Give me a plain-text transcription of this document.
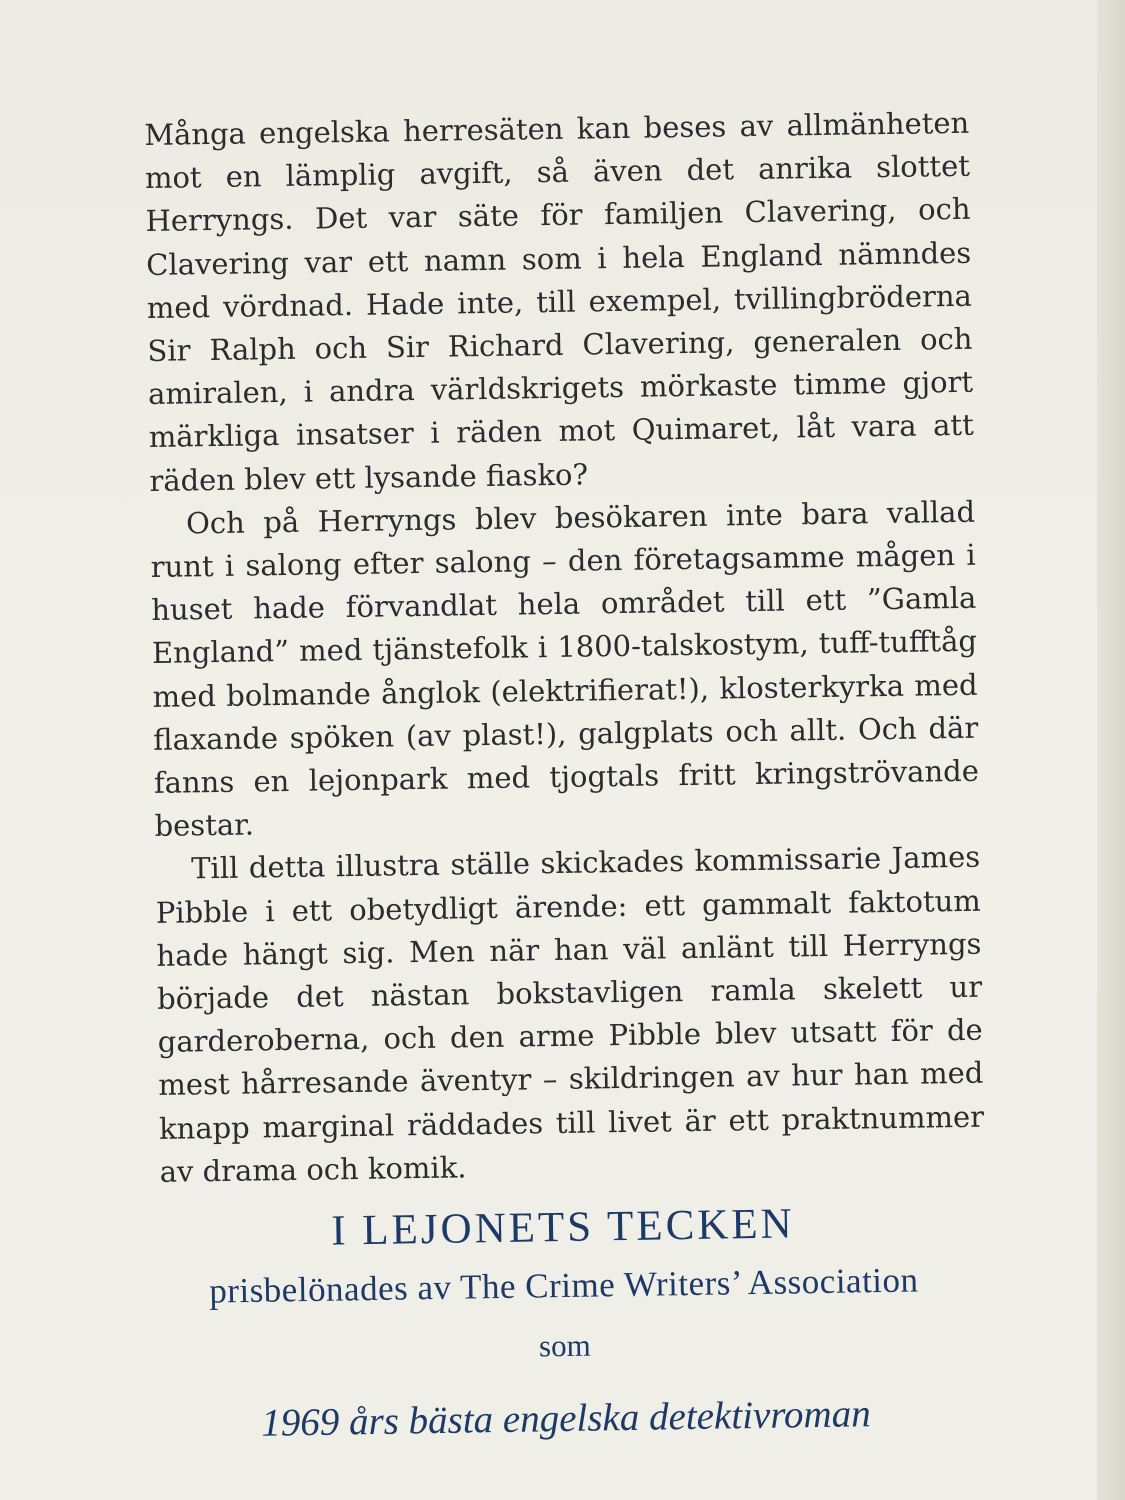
Många engelska herresäten kan beses av allmänheten mot en lämplig avgift, så även det anrika slottet Herryngs. Det var säte för familjen Clavering, och Clavering var ett namn som i hela England nämndes med vördnad. Hade inte, till exempel, tvillingbröderna Sir Ralph och Sir Richard Clavering, generalen och amiralen, i andra världskrigets mörkaste timme gjort märkliga insatser i räden mot Quimaret, låt vara att räden blev ett lysande fiasko?

Och på Herryngs blev besökaren inte bara vallad runt i salong efter salong – den företagsamme mågen i huset hade förvandlat hela området till ett ”Gamla England” med tjänstefolk i 1800-talskostym, tuff-tufftåg med bolmande ånglok (elektrifierat!), klosterkyrka med flaxande spöken (av plast!), galgplats och allt. Och där fanns en lejonpark med tjogtals fritt kringströvande bestar.

Till detta illustra ställe skickades kommissarie James Pibble i ett obetydligt ärende: ett gammalt faktotum hade hängt sig. Men när han väl anlänt till Herryngs började det nästan bokstavligen ramla skelett ur garderoberna, och den arme Pibble blev utsatt för de mest hårresande äventyr – skildringen av hur han med knapp marginal räddades till livet är ett praktnummer av drama och komik.

I LEJONETS TECKEN
prisbelönades av The Crime Writers’ Association
som
1969 års bästa engelska detektivroman
